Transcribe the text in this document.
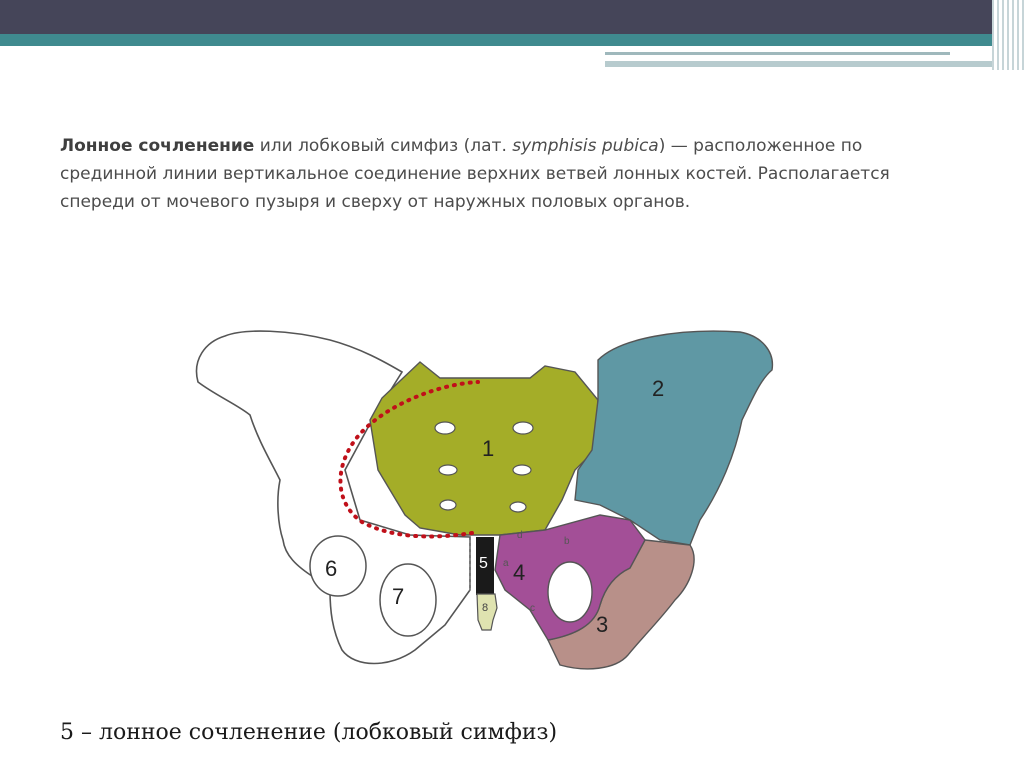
Лонное сочленение или лобковый симфиз (лат. symphisis pubica) — расположенное по срединной линии вертикальное соединение верхних ветвей лонных костей. Располагается спереди от мочевого пузыря и сверху от наружных половых органов.
1
2
3
4
5
6
7	8
a
b
c
d
5 – лонное сочленение (лобковый симфиз)
